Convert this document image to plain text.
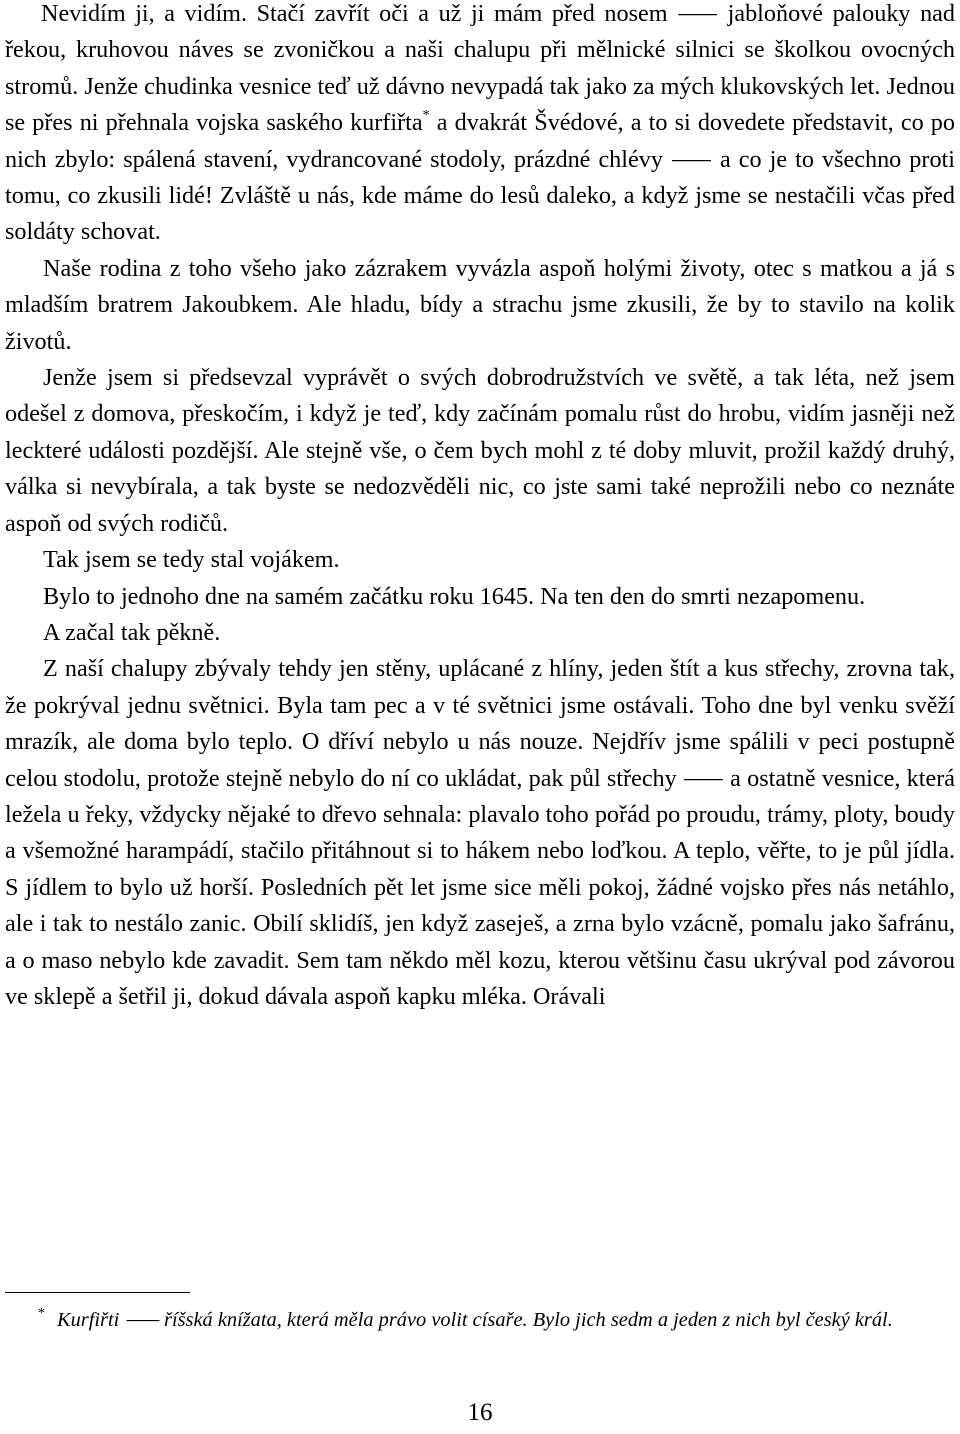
Nevidím ji, a vidím. Stačí zavřít oči a už ji mám před nosem ⸺ jabloňové palouky nad řekou, kruhovou náves se zvoničkou a naši chalupu při mělnické silnici se školkou ovocných stromů. Jenže chudinka vesnice teď už dávno nevypadá tak jako za mých klukovských let. Jednou se přes ni přehnala vojska saského kurfiřta* a dvakrát Švédové, a to si dovedete představit, co po nich zbylo: spálená stavení, vydrancované stodoly, prázdné chlévy ⸺ a co je to všechno proti tomu, co zkusili lidé! Zvláště u nás, kde máme do lesů daleko, a když jsme se nestačili včas před soldáty schovat.

Naše rodina z toho všeho jako zázrakem vyvázla aspoň holými životy, otec s matkou a já s mladším bratrem Jakoubkem. Ale hladu, bídy a strachu jsme zkusili, že by to stavilo na kolik životů.

Jenže jsem si předsevzal vyprávět o svých dobrodružstvích ve světě, a tak léta, než jsem odešel z domova, přeskočím, i když je teď, kdy začínám pomalu růst do hrobu, vidím jasněji než leckteré události pozdější. Ale stejně vše, o čem bych mohl z té doby mluvit, prožil každý druhý, válka si nevybírala, a tak byste se nedozvěděli nic, co jste sami také neprožili nebo co neznáte aspoň od svých rodičů.

Tak jsem se tedy stal vojákem.

Bylo to jednoho dne na samém začátku roku 1645. Na ten den do smrti nezapomenu.

A začal tak pěkně.

Z naší chalupy zbývaly tehdy jen stěny, uplácané z hlíny, jeden štít a kus střechy, zrovna tak, že pokrýval jednu světnici. Byla tam pec a v té světnici jsme ostávali. Toho dne byl venku svěží mrazík, ale doma bylo teplo. O dříví nebylo u nás nouze. Nejdřív jsme spálili v peci postupně celou stodolu, protože stejně nebylo do ní co ukládat, pak půl střechy ⸺ a ostatně vesnice, která ležela u řeky, vždycky nějaké to dřevo sehnala: plavalo toho pořád po proudu, trámy, ploty, boudy a všemožné harampádí, stačilo přitáhnout si to hákem nebo loďkou. A teplo, věřte, to je půl jídla. S jídlem to bylo už horší. Posledních pět let jsme sice měli pokoj, žádné vojsko přes nás netáhlo, ale i tak to nestálo zanic. Obilí sklidíš, jen když zaseješ, a zrna bylo vzácně, pomalu jako šafránu, a o maso nebylo kde zavadit. Sem tam někdo měl kozu, kterou většinu času ukrýval pod závorou ve sklepě a šetřil ji, dokud dávala aspoň kapku mléka. Orávali

* Kurfiřti ⸺ říšská knížata, která měla právo volit císaře. Bylo jich sedm a jeden z nich byl český král.
16
